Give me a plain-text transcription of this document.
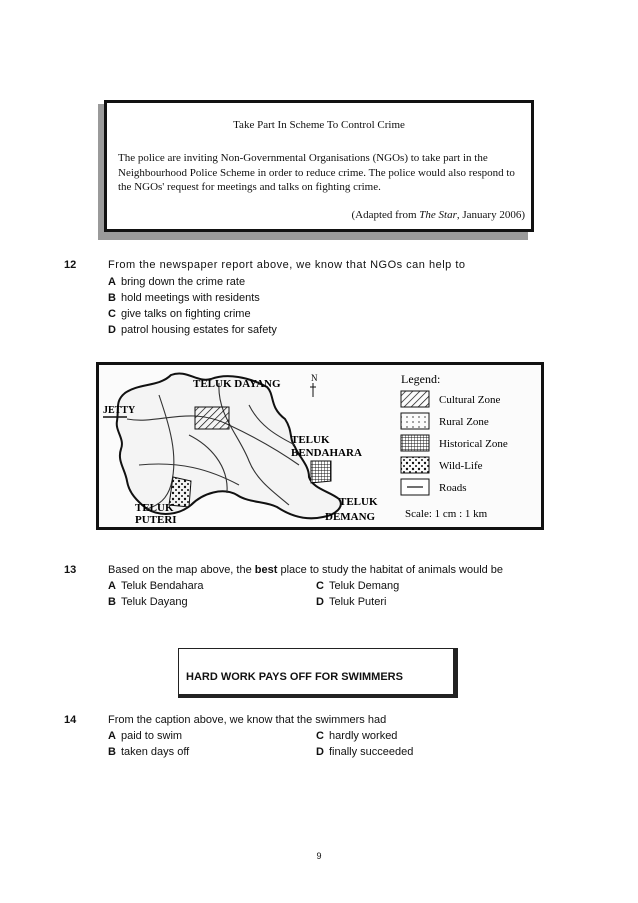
Take Part In Scheme To Control Crime
The police are inviting Non-Governmental Organisations (NGOs) to take part in the Neighbourhood Police Scheme in order to reduce crime. The police would also respond to the NGOs' request for meetings and talks on fighting crime.
(Adapted from The Star, January 2006)
12	From the newspaper report above, we know that NGOs can help to
A bring down the crime rate
B hold meetings with residents
C give talks on fighting crime
D patrol housing estates for safety
TELUK DAYANG
JETTY
TELUK
BENDAHARA
TELUK
PUTERI
TELUK
DEMANG
N	Legend:
Cultural Zone
Rural Zone
Historical Zone
Wild-Life
Roads
Scale: 1 cm : 1 km
13	Based on the map above, the best place to study the habitat of animals would be
A Teluk Bendahara	C Teluk Demang
B Teluk Dayang	D Teluk Puteri
HARD WORK PAYS OFF FOR SWIMMERS
14	From the caption above, we know that the swimmers had
A paid to swim	C hardly worked
B taken days off	D finally succeeded
9
